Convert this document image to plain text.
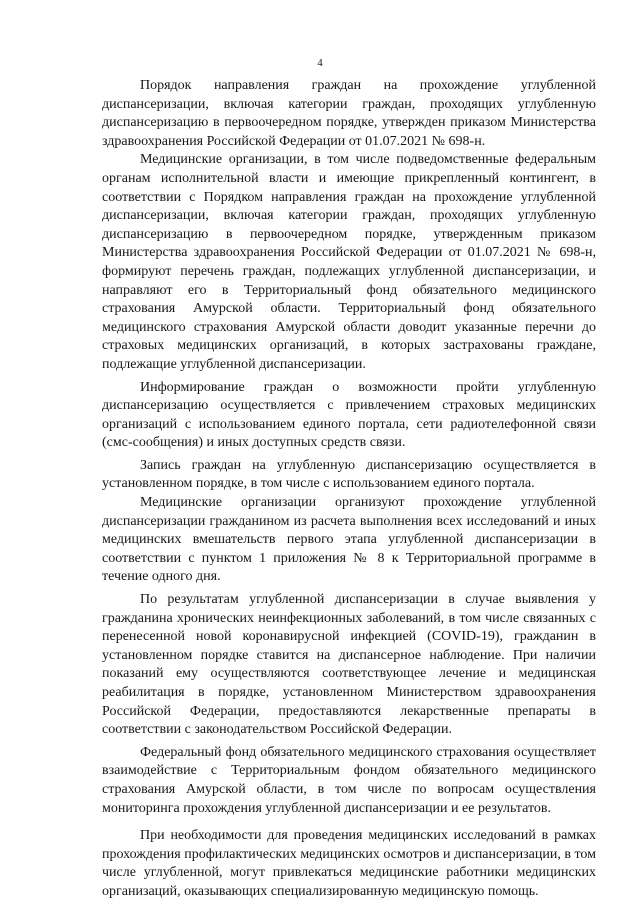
4

Порядок направления граждан на прохождение углубленной диспансеризации, включая категории граждан, проходящих углубленную диспансеризацию в первоочередном порядке, утвержден приказом Министерства здравоохранения Российской Федерации от 01.07.2021 № 698-н.

Медицинские организации, в том числе подведомственные федеральным органам исполнительной власти и имеющие прикрепленный контингент, в соответствии с Порядком направления граждан на прохождение углубленной диспансеризации, включая категории граждан, проходящих углубленную диспансеризацию в первоочередном порядке, утвержденным приказом Министерства здравоохранения Российской Федерации от 01.07.2021 № 698-н, формируют перечень граждан, подлежащих углубленной диспансеризации, и направляют его в Территориальный фонд обязательного медицинского страхования Амурской области. Территориальный фонд обязательного медицинского страхования Амурской области доводит указанные перечни до страховых медицинских организаций, в которых застрахованы граждане, подлежащие углубленной диспансеризации.

Информирование граждан о возможности пройти углубленную диспансеризацию осуществляется с привлечением страховых медицинских организаций с использованием единого портала, сети радиотелефонной связи (смс-сообщения) и иных доступных средств связи.

Запись граждан на углубленную диспансеризацию осуществляется в установленном порядке, в том числе с использованием единого портала.

Медицинские организации организуют прохождение углубленной диспансеризации гражданином из расчета выполнения всех исследований и иных медицинских вмешательств первого этапа углубленной диспансеризации в соответствии с пунктом 1 приложения № 8 к Территориальной программе в течение одного дня.

По результатам углубленной диспансеризации в случае выявления у гражданина хронических неинфекционных заболеваний, в том числе связанных с перенесенной новой коронавирусной инфекцией (COVID-19), гражданин в установленном порядке ставится на диспансерное наблюдение. При наличии показаний ему осуществляются соответствующее лечение и медицинская реабилитация в порядке, установленном Министерством здравоохранения Российской Федерации, предоставляются лекарственные препараты в соответствии с законодательством Российской Федерации.

Федеральный фонд обязательного медицинского страхования осуществляет взаимодействие с Территориальным фондом обязательного медицинского страхования Амурской области, в том числе по вопросам осуществления мониторинга прохождения углубленной диспансеризации и ее результатов.

При необходимости для проведения медицинских исследований в рамках прохождения профилактических медицинских осмотров и диспансеризации, в том числе углубленной, могут привлекаться медицинские работники медицинских организаций, оказывающих специализированную медицинскую помощь.
